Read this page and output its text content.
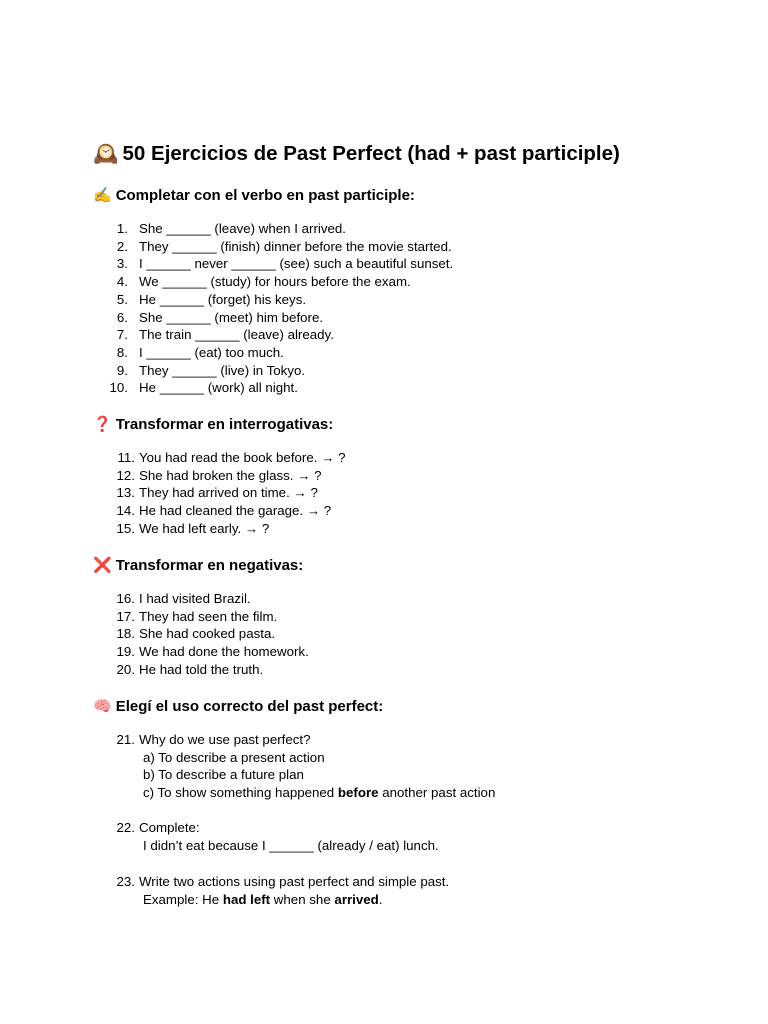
🕰️ 50 Ejercicios de Past Perfect (had + past participle)
✍️ Completar con el verbo en past participle:
1. She ______ (leave) when I arrived.
2. They ______ (finish) dinner before the movie started.
3. I ______ never ______ (see) such a beautiful sunset.
4. We ______ (study) for hours before the exam.
5. He ______ (forget) his keys.
6. She ______ (meet) him before.
7. The train ______ (leave) already.
8. I ______ (eat) too much.
9. They ______ (live) in Tokyo.
10. He ______ (work) all night.
❓ Transformar en interrogativas:
11. You had read the book before. → ?
12. She had broken the glass. → ?
13. They had arrived on time. → ?
14. He had cleaned the garage. → ?
15. We had left early. → ?
❌ Transformar en negativas:
16. I had visited Brazil.
17. They had seen the film.
18. She had cooked pasta.
19. We had done the homework.
20. He had told the truth.
🧠 Elegí el uso correcto del past perfect:
21. Why do we use past perfect?
a) To describe a present action
b) To describe a future plan
c) To show something happened before another past action
22. Complete:
I didn’t eat because I ______ (already / eat) lunch.
23. Write two actions using past perfect and simple past.
Example: He had left when she arrived.
